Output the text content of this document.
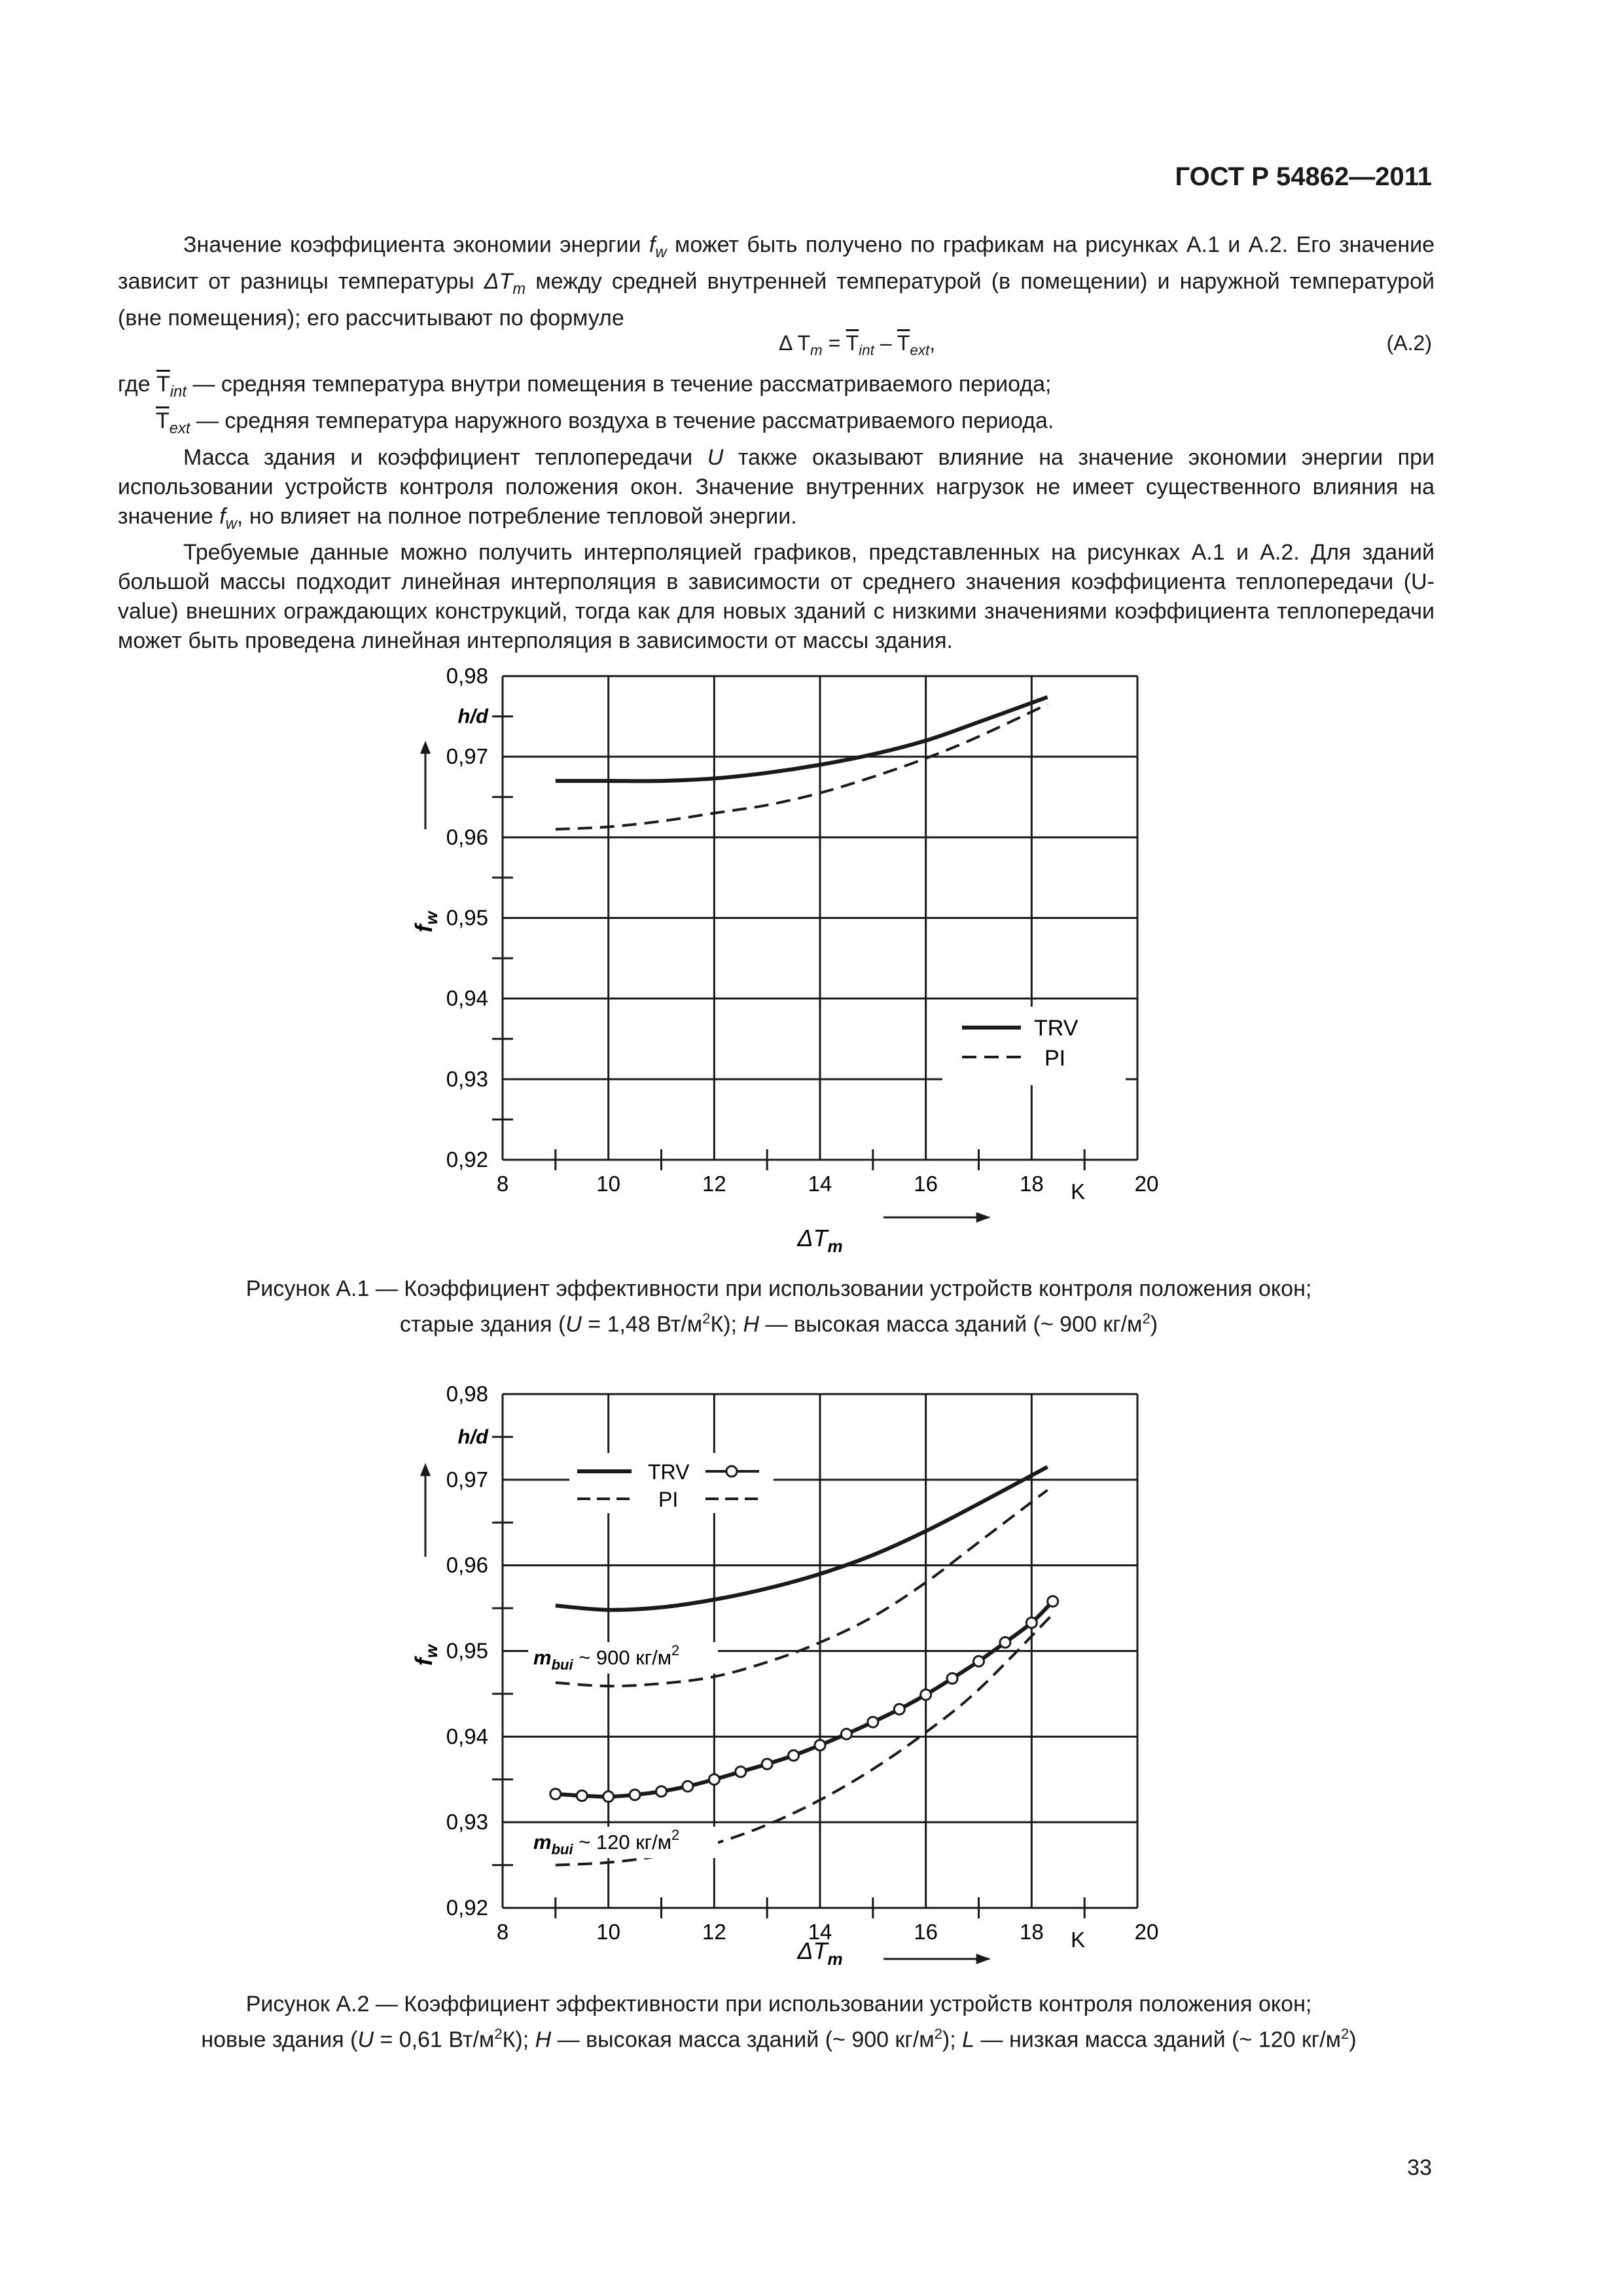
ГОСТ Р 54862—2011

Значение коэффициента экономии энергии $f_w$ может быть получено по графикам на рисунках А.1 и А.2. Его значение зависит от разницы температуры $\Delta T_m$ между средней внутренней температурой (в помещении) и наружной температурой (вне помещения); его рассчитывают по формуле

Δ $T_m = \overline{T}_{int} - \overline{T}_{ext}$,	(А.2)

где $\overline{T}_{int}$ — средняя температура внутри помещения в течение рассматриваемого периода;

$\overline{T}_{ext}$ — средняя температура наружного воздуха в течение рассматриваемого периода.

Масса здания и коэффициент теплопередачи U также оказывают влияние на значение экономии энергии при использовании устройств контроля положения окон. Значение внутренних нагрузок не имеет существенного влияния на значение $f_w$, но влияет на полное потребление тепловой энергии.

Требуемые данные можно получить интерполяцией графиков, представленных на рисунках А.1 и А.2. Для зданий большой массы подходит линейная интерполяция в зависимости от среднего значения коэффициента теплопередачи (U-value) внешних ограждающих конструкций, тогда как для новых зданий с низкими значениями коэффициента теплопередачи может быть проведена линейная интерполяция в зависимости от массы здания.

0,92
0,93
0,94
0,95
0,96
0,97
0,98
8	10	12	14	16	18	20
K
h/d
$f_w$
$\Delta T_m$
TRV
PI
Рисунок А.1 — Коэффициент эффективности при использовании устройств контроля положения окон;
старые здания (U = 1,48 $Вт/м^2К$); H — высокая масса зданий (~ 900 $кг/м^2$)
0,92
0,93
0,94
0,95
0,96
0,97
0,98
8	10	12	14	16	18	20
K
h/d
$f_w$
$\Delta T_m$
TRV
PI
$m_{bui}$ ~ 900 $кг/м^2$
$m_{bui}$ ~ 120 $кг/м^2$
Рисунок А.2 — Коэффициент эффективности при использовании устройств контроля положения окон;
новые здания (U = 0,61 $Вт/м^2К$); H — высокая масса зданий (~ 900 $кг/м^2$); L — низкая масса зданий (~ 120 $кг/м^2$)
33
